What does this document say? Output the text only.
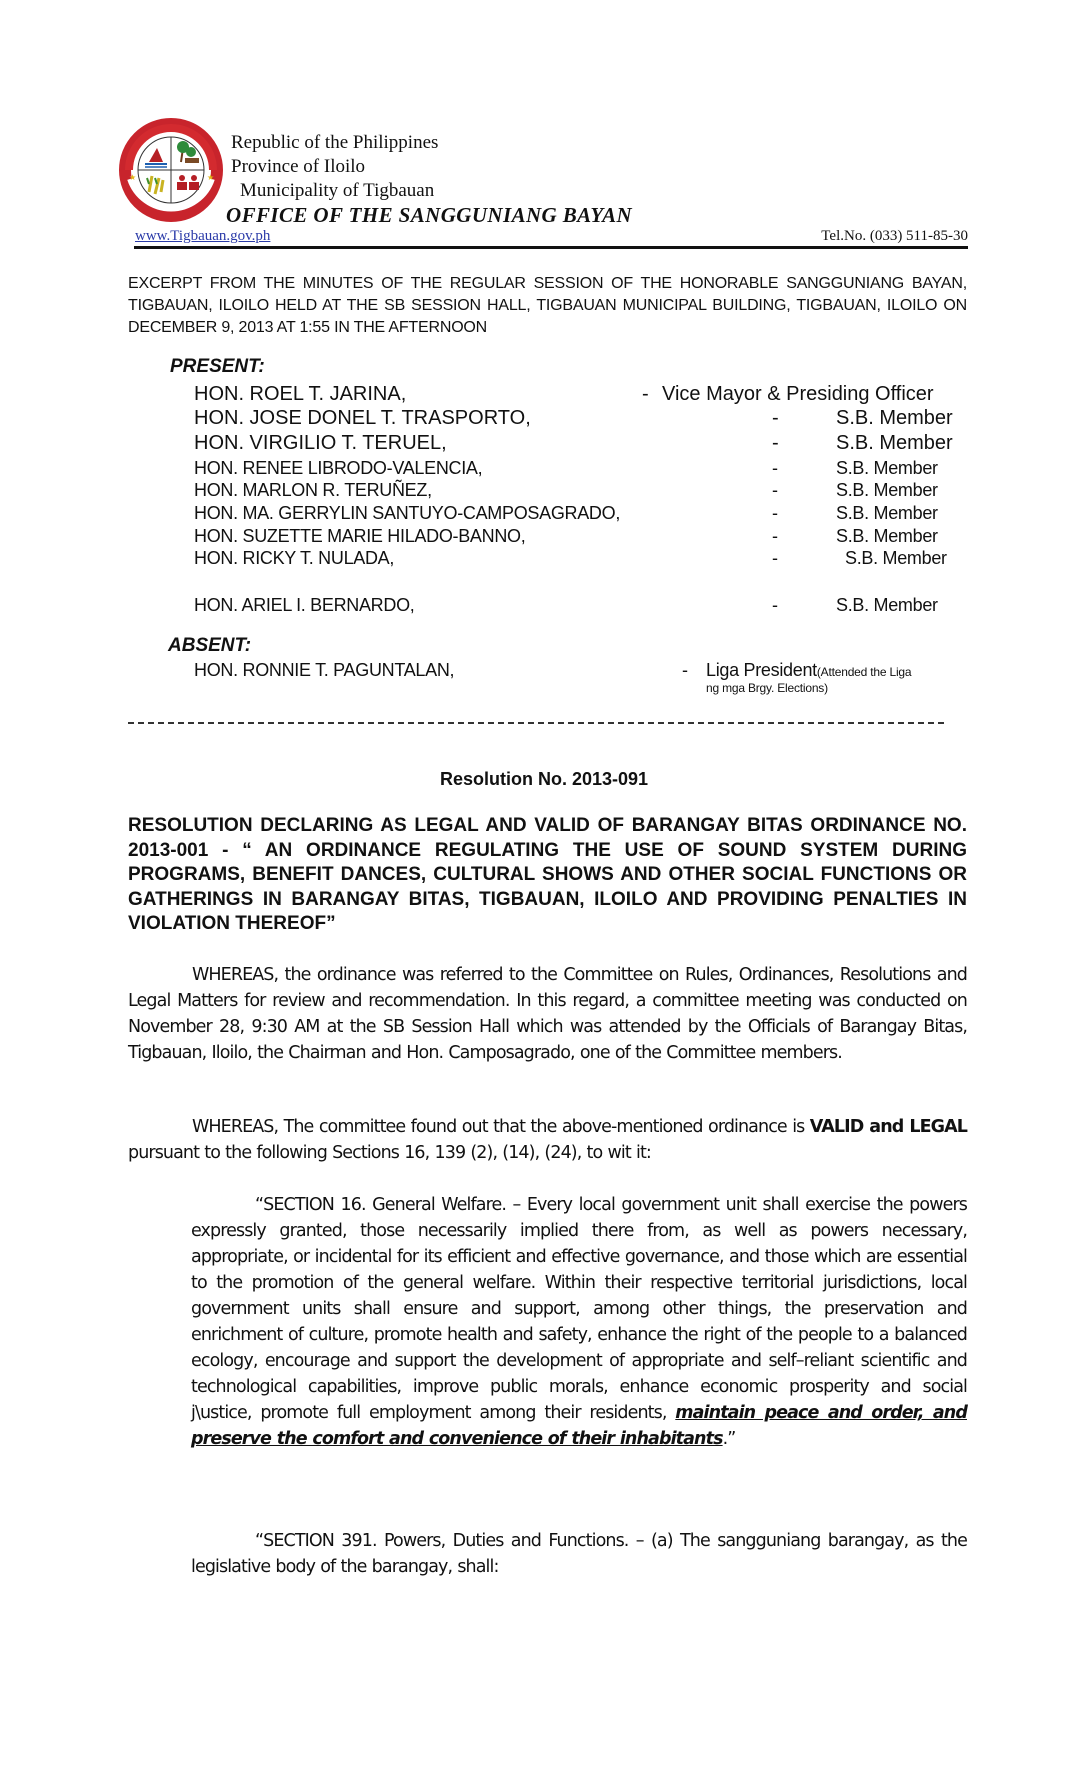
★	★
Republic of the Philippines
Province of Iloilo
Municipality of Tigbauan
OFFICE OF THE SANGGUNIANG BAYAN
www.Tigbauan.gov.ph	Tel.No. (033) 511-85-30
EXCERPT FROM THE MINUTES OF THE REGULAR SESSION OF THE HONORABLE SANGGUNIANG BAYAN, TIGBAUAN, ILOILO HELD AT THE SB SESSION HALL, TIGBAUAN MUNICIPAL BUILDING, TIGBAUAN, ILOILO ON DECEMBER 9, 2013 AT 1:55 IN THE AFTERNOON
PRESENT:
HON. ROEL T. JARINA,	- Vice Mayor & Presiding Officer
HON. JOSE DONEL T. TRASPORTO,	-	S.B. Member
HON. VIRGILIO T. TERUEL,	-	S.B. Member
HON. RENEE LIBRODO-VALENCIA,	-	S.B. Member
HON. MARLON R. TERUÑEZ,	-	S.B. Member
HON. MA. GERRYLIN SANTUYO-CAMPOSAGRADO,	-	S.B. Member
HON. SUZETTE MARIE HILADO-BANNO,	-	S.B. Member
HON. RICKY T. NULADA,	-	S.B. Member
HON. ARIEL I. BERNARDO,	-	S.B. Member
ABSENT:
HON. RONNIE T. PAGUNTALAN,	- Liga President(Attended the Liga
ng mga Brgy. Elections)
Resolution No. 2013-091
RESOLUTION DECLARING AS LEGAL AND VALID OF BARANGAY BITAS ORDINANCE NO. 2013-001 - “ AN ORDINANCE REGULATING THE USE OF SOUND SYSTEM DURING PROGRAMS, BENEFIT DANCES, CULTURAL SHOWS AND OTHER SOCIAL FUNCTIONS OR GATHERINGS IN BARANGAY BITAS, TIGBAUAN, ILOILO AND PROVIDING PENALTIES IN VIOLATION THEREOF”
WHEREAS, the ordinance was referred to the Committee on Rules, Ordinances, Resolutions and Legal Matters for review and recommendation. In this regard, a committee meeting was conducted on November 28, 9:30 AM at the SB Session Hall which was attended by the Officials of Barangay Bitas, Tigbauan, Iloilo, the Chairman and Hon. Camposagrado, one of the Committee members.
WHEREAS, The committee found out that the above-mentioned ordinance is VALID and LEGAL pursuant to the following Sections 16, 139 (2), (14), (24), to wit it:
“SECTION 16. General Welfare. – Every local government unit shall exercise the powers expressly granted, those necessarily implied there from, as well as powers necessary, appropriate, or incidental for its efficient and effective governance, and those which are essential to the promotion of the general welfare. Within their respective territorial jurisdictions, local government units shall ensure and support, among other things, the preservation and enrichment of culture, promote health and safety, enhance the right of the people to a balanced ecology, encourage and support the development of appropriate and self–reliant scientific and technological capabilities, improve public morals, enhance economic prosperity and social j\ustice, promote full employment among their residents, maintain peace and order, and preserve the comfort and convenience of their inhabitants.”
“SECTION 391. Powers, Duties and Functions. – (a) The sangguniang barangay, as the legislative body of the barangay, shall:
